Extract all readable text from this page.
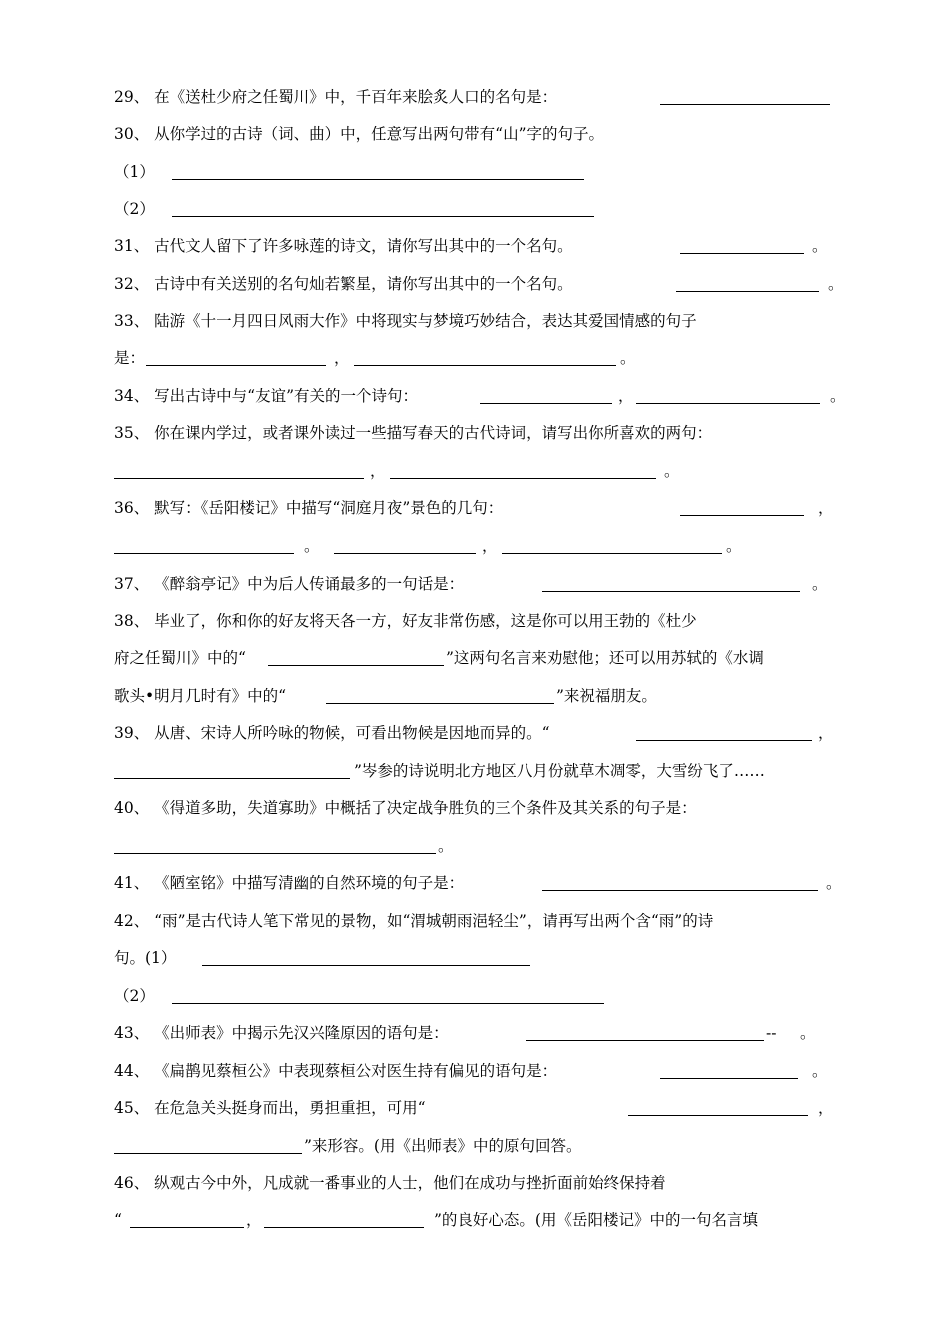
29、 在《送杜少府之任蜀川》中，千百年来脍炙人口的名句是：
30、 从你学过的古诗（词、曲）中，任意写出两句带有“山”字的句子。
（1）
（2）
31、 古代文人留下了许多咏莲的诗文，请你写出其中的一个名句。	。
32、 古诗中有关送别的名句灿若繁星，请你写出其中的一个名句。	。
33、 陆游《十一月四日风雨大作》中将现实与梦境巧妙结合，表达其爱国情感的句子
是：	，	。
34、 写出古诗中与“友谊”有关的一个诗句：	，	。
35、 你在课内学过，或者课外读过一些描写春天的古代诗词，请写出你所喜欢的两句：
，	。
36、 默写：《岳阳楼记》中描写“洞庭月夜”景色的几句：	，
。	，	。
37、 《醉翁亭记》中为后人传诵最多的一句话是：	。
38、 毕业了，你和你的好友将天各一方，好友非常伤感，这是你可以用王勃的《杜少
府之任蜀川》中的“	”这两句名言来劝慰他；还可以用苏轼的《水调
歌头•明月几时有》中的“	”来祝福朋友。
39、 从唐、宋诗人所吟咏的物候，可看出物候是因地而异的。“	，
”岑参的诗说明北方地区八月份就草木凋零，大雪纷飞了……
40、 《得道多助，失道寡助》中概括了决定战争胜负的三个条件及其关系的句子是：
。
41、 《陋室铭》中描写清幽的自然环境的句子是：	。
42、 “雨”是古代诗人笔下常见的景物，如“渭城朝雨浥轻尘”，请再写出两个含“雨”的诗
句。(1）
（2）
43、 《出师表》中揭示先汉兴隆原因的语句是：	-- 。
44、 《扁鹊见蔡桓公》中表现蔡桓公对医生持有偏见的语句是：	。
45、 在危急关头挺身而出，勇担重担，可用“	，
”来形容。(用《出师表》中的原句回答。
46、 纵观古今中外，凡成就一番事业的人士，他们在成功与挫折面前始终保持着
“	，	”的良好心态。(用《岳阳楼记》中的一句名言填
